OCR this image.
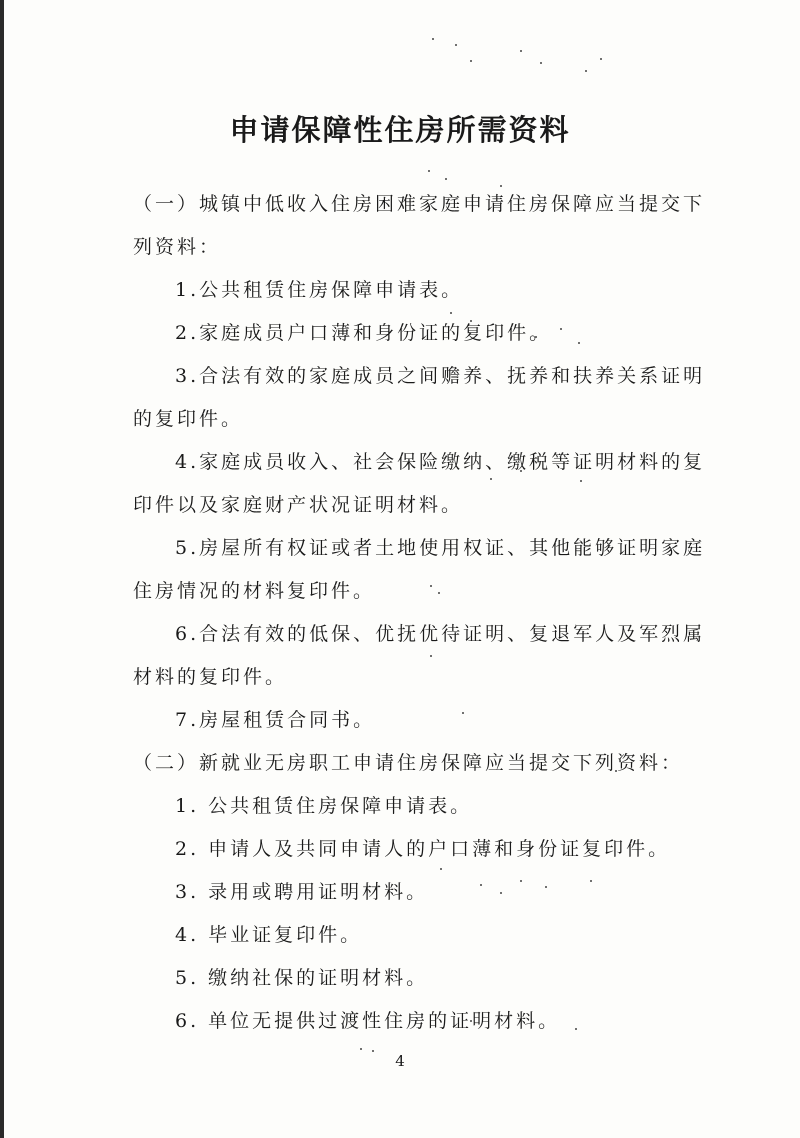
申请保障性住房所需资料
（一）城镇中低收入住房困难家庭申请住房保障应当提交下
列资料：
1.公共租赁住房保障申请表。
2.家庭成员户口薄和身份证的复印件。
3.合法有效的家庭成员之间赡养、抚养和扶养关系证明
的复印件。
4.家庭成员收入、社会保险缴纳、缴税等证明材料的复
印件以及家庭财产状况证明材料。
5.房屋所有权证或者土地使用权证、其他能够证明家庭
住房情况的材料复印件。
6.合法有效的低保、优抚优待证明、复退军人及军烈属
材料的复印件。
7.房屋租赁合同书。
（二）新就业无房职工申请住房保障应当提交下列资料：
1. 公共租赁住房保障申请表。
2. 申请人及共同申请人的户口薄和身份证复印件。
3. 录用或聘用证明材料。
4. 毕业证复印件。
5. 缴纳社保的证明材料。
6. 单位无提供过渡性住房的证明材料。
4
